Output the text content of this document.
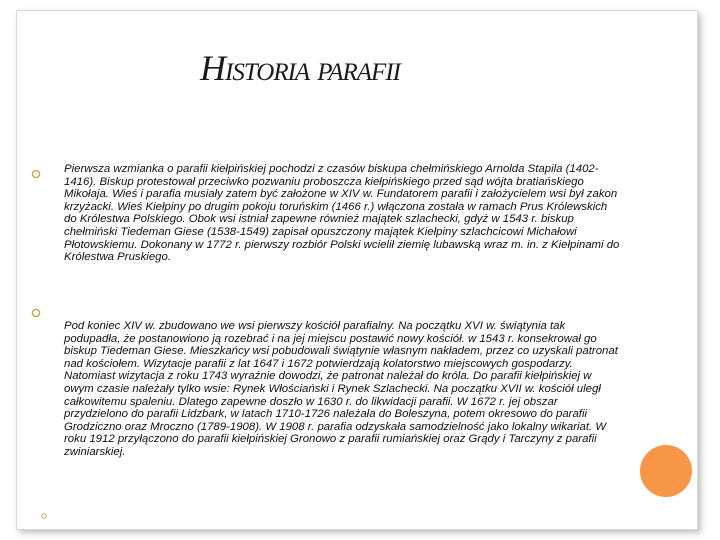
Historia parafii

Pierwsza wzmianka o parafii kiełpińskiej pochodzi z czasów biskupa chełmińskiego Arnolda Stapila (1402-1416). Biskup protestował przeciwko pozwaniu proboszcza kiełpińskiego przed sąd wójta bratiańskiego Mikołaja. Wieś i parafia musiały zatem być założone w XIV w. Fundatorem parafii i założycielem wsi był zakon krzyżacki. Wieś Kiełpiny po drugim pokoju toruńskim (1466 r.) włączona została w ramach Prus Królewskich do Królestwa Polskiego. Obok wsi istniał zapewne również majątek szlachecki, gdyż w 1543 r. biskup chełmiński Tiedeman Giese (1538-1549) zapisał opuszczony majątek Kiełpiny szlachcicowi Michałowi Płotowskiemu. Dokonany w 1772 r. pierwszy rozbiór Polski wcielił ziemię lubawską wraz m. in. z Kiełpinami do Królestwa Pruskiego.

Pod koniec XIV w. zbudowano we wsi pierwszy kościół parafialny. Na początku XVI w. świątynia tak podupadła, że postanowiono ją rozebrać i na jej miejscu postawić nowy kościół. w 1543 r. konsekrował go biskup Tiedeman Giese. Mieszkańcy wsi pobudowali świątynie własnym nakładem, przez co uzyskali patronat nad kościołem. Wizytacje parafii z lat 1647 i 1672 potwierdzają kolatorstwo miejscowych gospodarzy. Natomiast wizytacja z roku 1743 wyraźnie dowodzi, że patronat należał do króla. Do parafii kiełpińskiej w owym czasie należały tylko wsie: Rynek Włościański i Rynek Szlachecki. Na początku XVII w. kościół uległ całkowitemu spaleniu. Dlatego zapewne doszło w 1630 r. do likwidacji parafii. W 1672 r. jej obszar przydzielono do parafii Lidzbark, w latach 1710-1726 należała do Boleszyna, potem okresowo do parafii Grodziczno oraz Mroczno (1789-1908). W 1908 r. parafia odzyskała samodzielność jako lokalny wikariat. W roku 1912 przyłączono do parafii kiełpińskiej Gronowo z parafii rumiańskiej oraz Grądy i Tarczyny z parafii zwiniarskiej.
